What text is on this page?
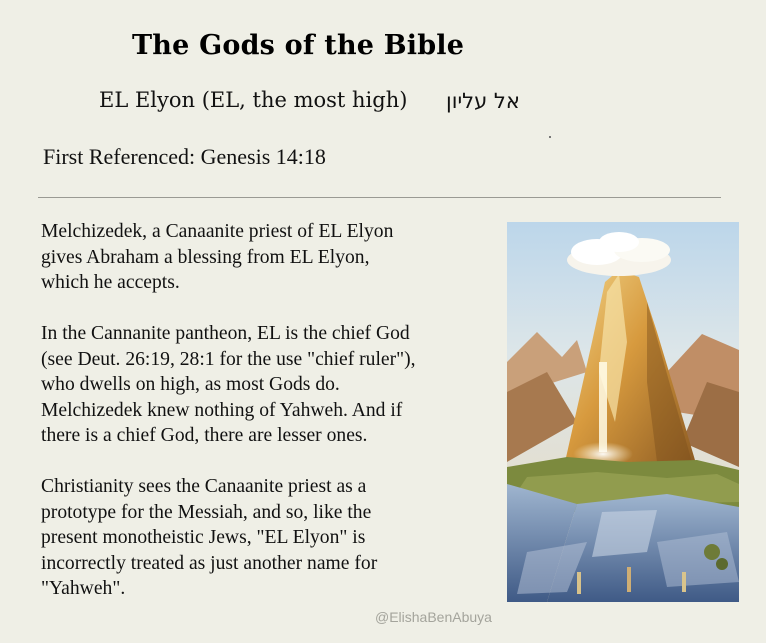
The Gods of the Bible
EL Elyon (EL, the most high) אל עליון
First Referenced: Genesis 14:18

Melchizedek, a Canaanite priest of EL Elyon
gives Abraham a blessing from EL Elyon,
which he accepts.

In the Cannanite pantheon, EL is the chief God
(see Deut. 26:19, 28:1 for the use "chief ruler"),
who dwells on high, as most Gods do.
Melchizedek knew nothing of Yahweh. And if
there is a chief God, there are lesser ones.

Christianity sees the Canaanite priest as a
prototype for the Messiah, and so, like the
present monotheistic Jews, "EL Elyon" is
incorrectly treated as just another name for
"Yahweh".

@ElishaBenAbuya
